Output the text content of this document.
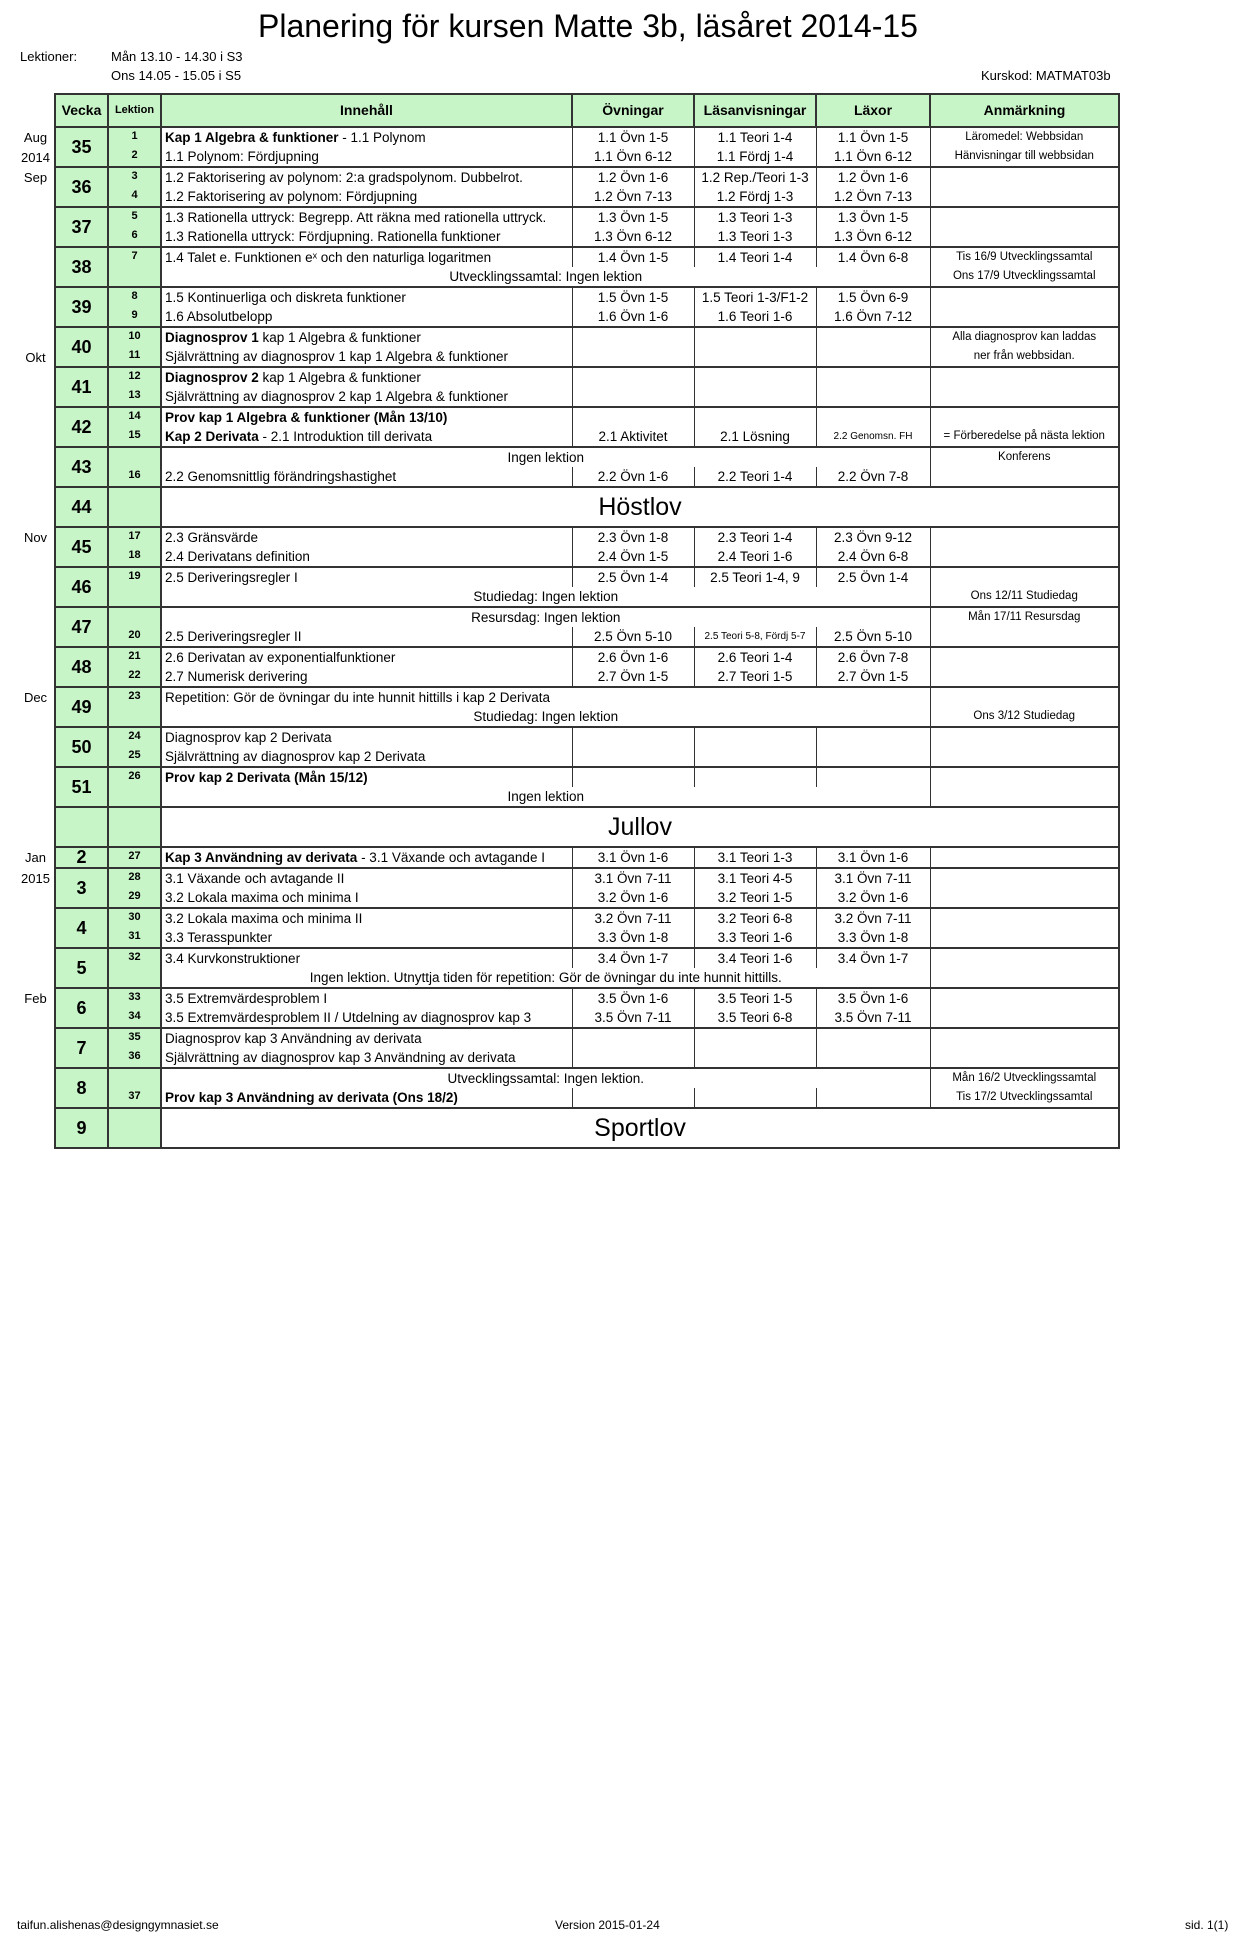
Planering för kursen Matte 3b, läsåret 2014-15
Lektioner:	Mån 13.10 - 14.30 i S3
Ons 14.05 - 15.05 i S5	Kurskod: MATMAT03b
	Vecka	Lektion	Innehåll	Övningar	Läsanvisningar	Läxor	Anmärkning
Aug	35	1	Kap 1 Algebra & funktioner - 1.1 Polynom	1.1 Övn 1-5	1.1 Teori 1-4	1.1 Övn 1-5	Läromedel: Webbsidan
2014		2	1.1 Polynom: Fördjupning	1.1 Övn 6-12	1.1 Fördj 1-4	1.1 Övn 6-12	Hänvisningar till webbsidan
Sep	36	3	1.2 Faktorisering av polynom: 2:a gradspolynom. Dubbelrot.	1.2 Övn 1-6	1.2 Rep./Teori 1-3	1.2 Övn 1-6	
		4	1.2 Faktorisering av polynom: Fördjupning	1.2 Övn 7-13	1.2 Fördj 1-3	1.2 Övn 7-13	
	37	5	1.3 Rationella uttryck: Begrepp. Att räkna med rationella uttryck.	1.3 Övn 1-5	1.3 Teori 1-3	1.3 Övn 1-5	
		6	1.3 Rationella uttryck: Fördjupning. Rationella funktioner	1.3 Övn 6-12	1.3 Teori 1-3	1.3 Övn 6-12	
	38	7	1.4 Talet e. Funktionen eˣ och den naturliga logaritmen	1.4 Övn 1-5	1.4 Teori 1-4	1.4 Övn 6-8	Tis 16/9 Utvecklingssamtal
			Utvecklingssamtal: Ingen lektion				Ons 17/9 Utvecklingssamtal
	39	8	1.5 Kontinuerliga och diskreta funktioner	1.5 Övn 1-5	1.5 Teori 1-3/F1-2	1.5 Övn 6-9	
		9	1.6 Absolutbelopp	1.6 Övn 1-6	1.6 Teori 1-6	1.6 Övn 7-12	
	40	10	Diagnosprov 1 kap 1 Algebra & funktioner				Alla diagnosprov kan laddas
Okt		11	Självrättning av diagnosprov 1 kap 1 Algebra & funktioner				ner från webbsidan.
	41	12	Diagnosprov 2 kap 1 Algebra & funktioner				
		13	Självrättning av diagnosprov 2 kap 1 Algebra & funktioner				
	42	14	Prov kap 1 Algebra & funktioner (Mån 13/10)				
		15	Kap 2 Derivata - 2.1 Introduktion till derivata	2.1 Aktivitet	2.1 Lösning	2.2 Genomsn. FH	= Förberedelse på nästa lektion
	43		Ingen lektion				Konferens
		16	2.2 Genomsnittlig förändringshastighet	2.2 Övn 1-6	2.2 Teori 1-4	2.2 Övn 7-8	
	44		Höstlov				
Nov	45	17	2.3 Gränsvärde	2.3 Övn 1-8	2.3 Teori 1-4	2.3 Övn 9-12	
		18	2.4 Derivatans definition	2.4 Övn 1-5	2.4 Teori 1-6	2.4 Övn 6-8	
	46	19	2.5 Deriveringsregler I	2.5 Övn 1-4	2.5 Teori 1-4, 9	2.5 Övn 1-4	
			Studiedag: Ingen lektion				Ons 12/11 Studiedag
	47		Resursdag: Ingen lektion				Mån 17/11 Resursdag
		20	2.5 Deriveringsregler II	2.5 Övn 5-10	2.5 Teori 5-8, Fördj 5-7	2.5 Övn 5-10	
	48	21	2.6 Derivatan av exponentialfunktioner	2.6 Övn 1-6	2.6 Teori 1-4	2.6 Övn 7-8	
		22	2.7 Numerisk derivering	2.7 Övn 1-5	2.7 Teori 1-5	2.7 Övn 1-5	
Dec	49	23	Repetition: Gör de övningar du inte hunnit hittills i kap 2 Derivata				
			Studiedag: Ingen lektion				Ons 3/12 Studiedag
	50	24	Diagnosprov kap 2 Derivata				
		25	Självrättning av diagnosprov kap 2 Derivata				
	51	26	Prov kap 2 Derivata (Mån 15/12)				
			Ingen lektion				
			Jullov				
Jan	2	27	Kap 3 Användning av derivata - 3.1 Växande och avtagande I	3.1 Övn 1-6	3.1 Teori 1-3	3.1 Övn 1-6	
2015	3	28	3.1 Växande och avtagande II	3.1 Övn 7-11	3.1 Teori 4-5	3.1 Övn 7-11	
		29	3.2 Lokala maxima och minima I	3.2 Övn 1-6	3.2 Teori 1-5	3.2 Övn 1-6	
	4	30	3.2 Lokala maxima och minima II	3.2 Övn 7-11	3.2 Teori 6-8	3.2 Övn 7-11	
		31	3.3 Terasspunkter	3.3 Övn 1-8	3.3 Teori 1-6	3.3 Övn 1-8	
	5	32	3.4 Kurvkonstruktioner	3.4 Övn 1-7	3.4 Teori 1-6	3.4 Övn 1-7	
			Ingen lektion. Utnyttja tiden för repetition: Gör de övningar du inte hunnit hittills.				
Feb	6	33	3.5 Extremvärdesproblem I	3.5 Övn 1-6	3.5 Teori 1-5	3.5 Övn 1-6	
		34	3.5 Extremvärdesproblem II / Utdelning av diagnosprov kap 3	3.5 Övn 7-11	3.5 Teori 6-8	3.5 Övn 7-11	
	7	35	Diagnosprov kap 3 Användning av derivata				
		36	Självrättning av diagnosprov kap 3 Användning av derivata				
	8		Utvecklingssamtal: Ingen lektion.				Mån 16/2 Utvecklingssamtal
		37	Prov kap 3 Användning av derivata (Ons 18/2)				Tis 17/2 Utvecklingssamtal
	9		Sportlov				
taifun.alishenas@designgymnasiet.se	Version 2015-01-24	sid. 1(1)
